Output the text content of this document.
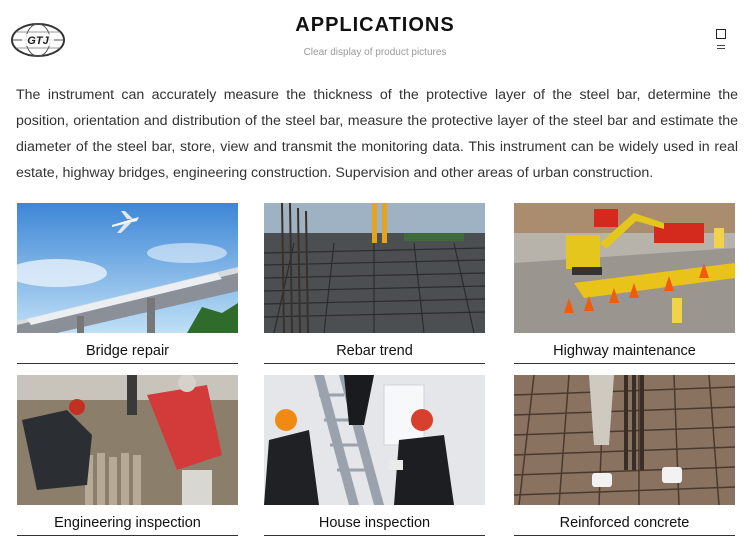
GTJ
APPLICATIONS
Clear display of product pictures
The instrument can accurately measure the thickness of the protective layer of the steel bar, determine the position, orientation and distribution of the steel bar, measure the protective layer of the steel bar and estimate the diameter of the steel bar, store, view and transmit the monitoring data. This instrument can be widely used in real estate, highway bridges, engineering construction. Supervision and other areas of urban construction.
Bridge repair	Rebar trend	Highway maintenance
Engineering inspection	House inspection	Reinforced concrete
